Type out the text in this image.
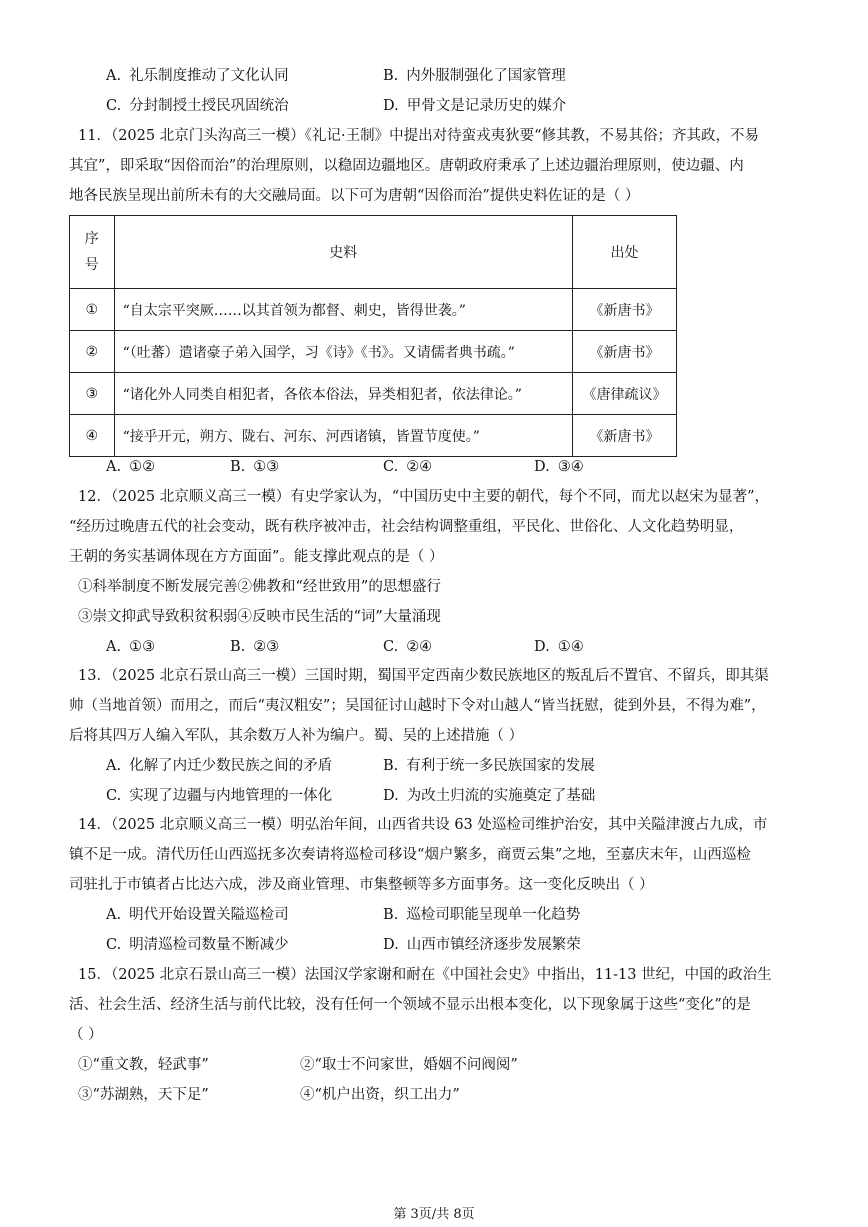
A. 礼乐制度推动了文化认同	B. 内外服制强化了国家管理
C. 分封制授土授民巩固统治	D. 甲骨文是记录历史的媒介
11．（2025 北京门头沟高三一模）《礼记·王制》中提出对待蛮戎夷狄要“修其教，不易其俗；齐其政，不易
其宜”，即采取“因俗而治”的治理原则，以稳固边疆地区。唐朝政府秉承了上述边疆治理原则，使边疆、内
地各民族呈现出前所未有的大交融局面。以下可为唐朝“因俗而治”提供史料佐证的是（ ）
序
号	史料	出处
①	“自太宗平突厥……以其首领为都督、刺史，皆得世袭。”	《新唐书》
②	“（吐蕃）遣诸豪子弟入国学，习《诗》《书》。又请儒者典书疏。”	《新唐书》
③	“诸化外人同类自相犯者，各依本俗法，异类相犯者，依法律论。”	《唐律疏议》
④	“接乎开元，朔方、陇右、河东、河西诸镇，皆置节度使。”	《新唐书》
A. ①②	B. ①③	C. ②④	D. ③④
12．（2025 北京顺义高三一模）有史学家认为，“中国历史中主要的朝代，每个不同，而尤以赵宋为显著”，
“经历过晚唐五代的社会变动，既有秩序被冲击，社会结构调整重组，平民化、世俗化、人文化趋势明显，
王朝的务实基调体现在方方面面”。能支撑此观点的是（ ）
①科举制度不断发展完善②佛教和“经世致用”的思想盛行
③崇文抑武导致积贫积弱④反映市民生活的“词”大量涌现
A. ①③	B. ②③	C. ②④	D. ①④
13．（2025 北京石景山高三一模）三国时期，蜀国平定西南少数民族地区的叛乱后不置官、不留兵，即其渠
帅（当地首领）而用之，而后“夷汉粗安”；吴国征讨山越时下令对山越人“皆当抚慰，徙到外县，不得为难”，
后将其四万人编入军队，其余数万人补为编户。蜀、吴的上述措施（ ）
A. 化解了内迁少数民族之间的矛盾	B. 有利于统一多民族国家的发展
C. 实现了边疆与内地管理的一体化	D. 为改土归流的实施奠定了基础
14．（2025 北京顺义高三一模）明弘治年间，山西省共设 63 处巡检司维护治安，其中关隘津渡占九成，市
镇不足一成。清代历任山西巡抚多次奏请将巡检司移设“烟户繁多，商贾云集”之地，至嘉庆末年，山西巡检
司驻扎于市镇者占比达六成，涉及商业管理、市集整顿等多方面事务。这一变化反映出（ ）
A. 明代开始设置关隘巡检司	B. 巡检司职能呈现单一化趋势
C. 明清巡检司数量不断减少	D. 山西市镇经济逐步发展繁荣
15．（2025 北京石景山高三一模）法国汉学家谢和耐在《中国社会史》中指出，11-13 世纪，中国的政治生
活、社会生活、经济生活与前代比较，没有任何一个领域不显示出根本变化，以下现象属于这些“变化”的是
（ ）
①“重文教，轻武事”	②“取士不问家世，婚姻不问阀阅”
③“苏湖熟，天下足”	④“机户出资，织工出力”
第 3页/共 8页
